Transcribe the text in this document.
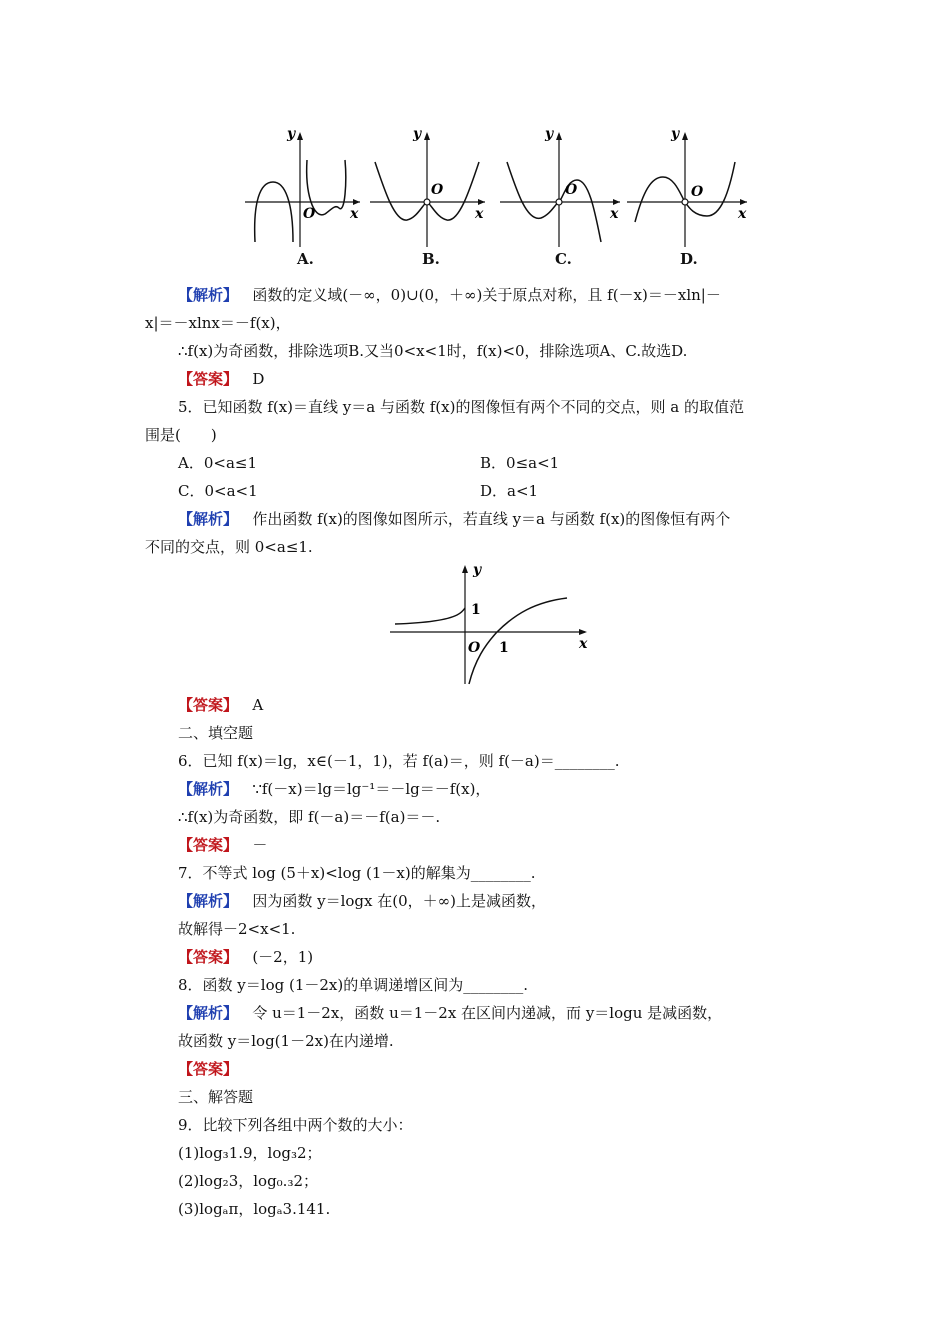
y
x
O
y
x
O
y
x
O
y
x
O
A.	B.	C.	D.
【解析】 函数的定义域(－∞，0)∪(0，＋∞)关于原点对称，且 f(－x)＝－xln|－
x|＝－xlnx＝－f(x)，
∴f(x)为奇函数，排除选项B.又当0<x<1时，f(x)<0，排除选项A、C.故选D.
【答案】 D
5．已知函数 f(x)＝直线 y＝a 与函数 f(x)的图像恒有两个不同的交点，则 a 的取值范
围是(　　)
A．0<a≤1	B．0≤a<1
C．0<a<1	D．a<1
【解析】 作出函数 f(x)的图像如图所示，若直线 y＝a 与函数 f(x)的图像恒有两个
不同的交点，则 0<a≤1.
y
x
O
1
1
【答案】 A
二、填空题
6．已知 f(x)＝lg，x∈(－1，1)，若 f(a)＝，则 f(－a)＝________.
【解析】 ∵f(－x)＝lg＝lg⁻¹＝－lg＝－f(x)，
∴f(x)为奇函数，即 f(－a)＝－f(a)＝－.
【答案】 －
7．不等式 log (5＋x)<log (1－x)的解集为________.
【解析】 因为函数 y＝logx 在(0，＋∞)上是减函数，
故解得－2<x<1.
【答案】 (－2，1)
8．函数 y＝log (1－2x)的单调递增区间为________.
【解析】 令 u＝1－2x，函数 u＝1－2x 在区间内递减，而 y＝logu 是减函数，
故函数 y＝log(1－2x)在内递增.
【答案】
三、解答题
9．比较下列各组中两个数的大小：
(1)log₃1.9，log₃2；
(2)log₂3，log₀.₃2；
(3)logₐπ，logₐ3.141.
